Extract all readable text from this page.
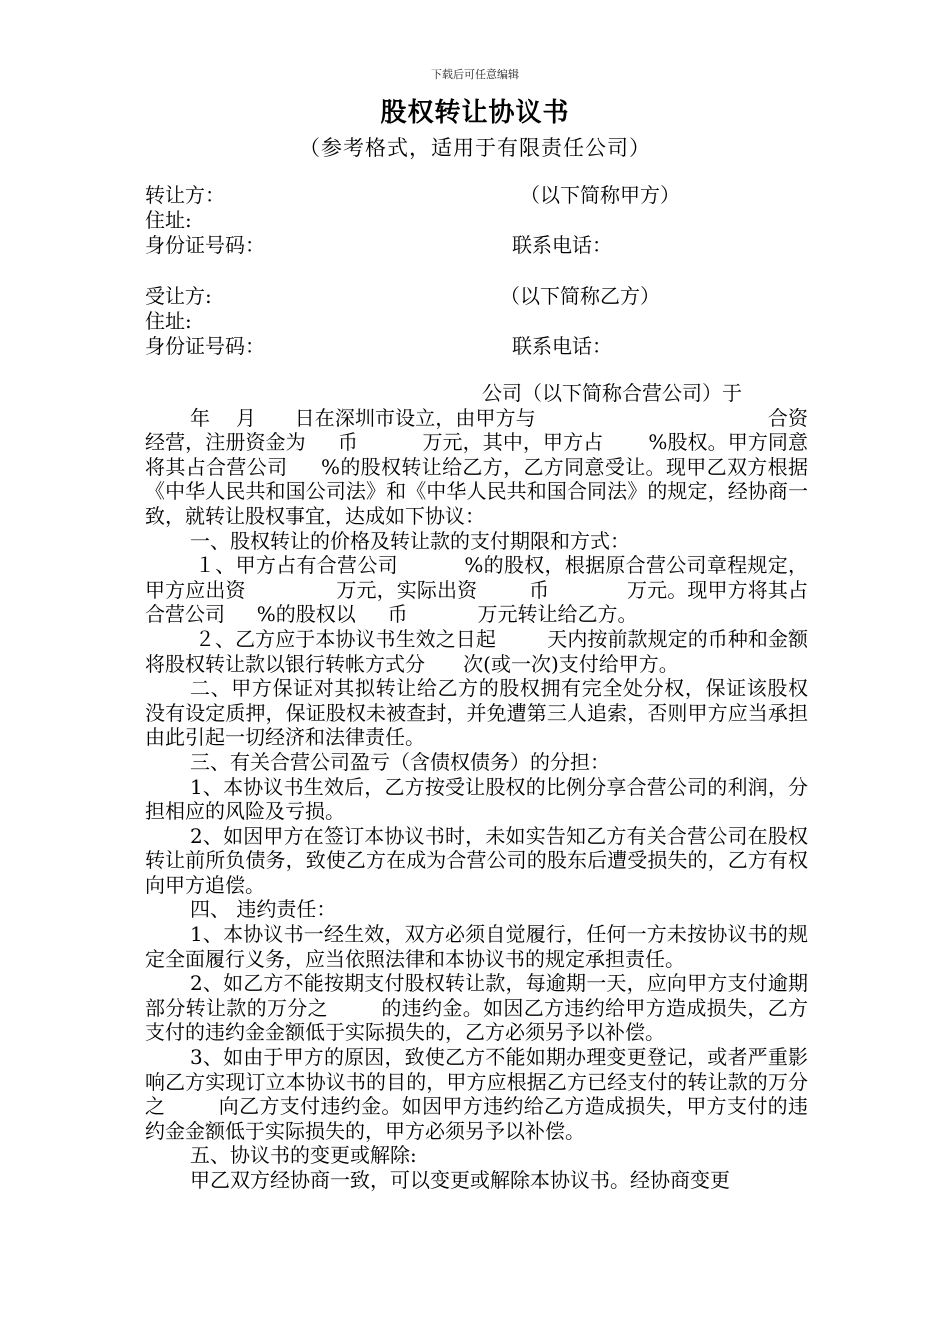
下载后可任意编辑
股权转让协议书
（参考格式，适用于有限责任公司）
转让方：	（以下简称甲方）
住址:
身份证号码：	联系电话：
受让方:	（以下简称乙方）
住址:
身份证号码：	联系电话：

公司（以下简称合营公司）于

年    月      日在深圳市设立，由甲方与                                    合资经营，注册资金为     币          万元，其中，甲方占       %股权。甲方同意将其占合营公司     %的股权转让给乙方，乙方同意受让。现甲乙双方根据《中华人民共和国公司法》和《中华人民共和国合同法》的规定，经协商一致，就转让股权事宜，达成如下协议：

一、股权转让的价格及转让款的支付期限和方式：

１、甲方占有合营公司          %的股权，根据原合营公司章程规定，甲方应出资              万元，实际出资        币            万元。现甲方将其占合营公司     %的股权以     币           万元转让给乙方。

２、乙方应于本协议书生效之日起        天内按前款规定的币种和金额将股权转让款以银行转帐方式分      次(或一次)支付给甲方。

二、甲方保证对其拟转让给乙方的股权拥有完全处分权，保证该股权没有设定质押，保证股权未被查封，并免遭第三人追索，否则甲方应当承担由此引起一切经济和法律责任。

三、有关合营公司盈亏（含债权债务）的分担：

1、本协议书生效后，乙方按受让股权的比例分享合营公司的利润，分担相应的风险及亏损。

2、如因甲方在签订本协议书时，未如实告知乙方有关合营公司在股权转让前所负债务，致使乙方在成为合营公司的股东后遭受损失的，乙方有权向甲方追偿。

四、 违约责任：

1、本协议书一经生效，双方必须自觉履行，任何一方未按协议书的规定全面履行义务，应当依照法律和本协议书的规定承担责任。

2、如乙方不能按期支付股权转让款，每逾期一天，应向甲方支付逾期部分转让款的万分之        的违约金。如因乙方违约给甲方造成损失，乙方支付的违约金金额低于实际损失的，乙方必须另予以补偿。

3、如由于甲方的原因，致使乙方不能如期办理变更登记，或者严重影响乙方实现订立本协议书的目的，甲方应根据乙方已经支付的转让款的万分之        向乙方支付违约金。如因甲方违约给乙方造成损失，甲方支付的违约金金额低于实际损失的，甲方必须另予以补偿。

五、协议书的变更或解除:

甲乙双方经协商一致，可以变更或解除本协议书。经协商变更
